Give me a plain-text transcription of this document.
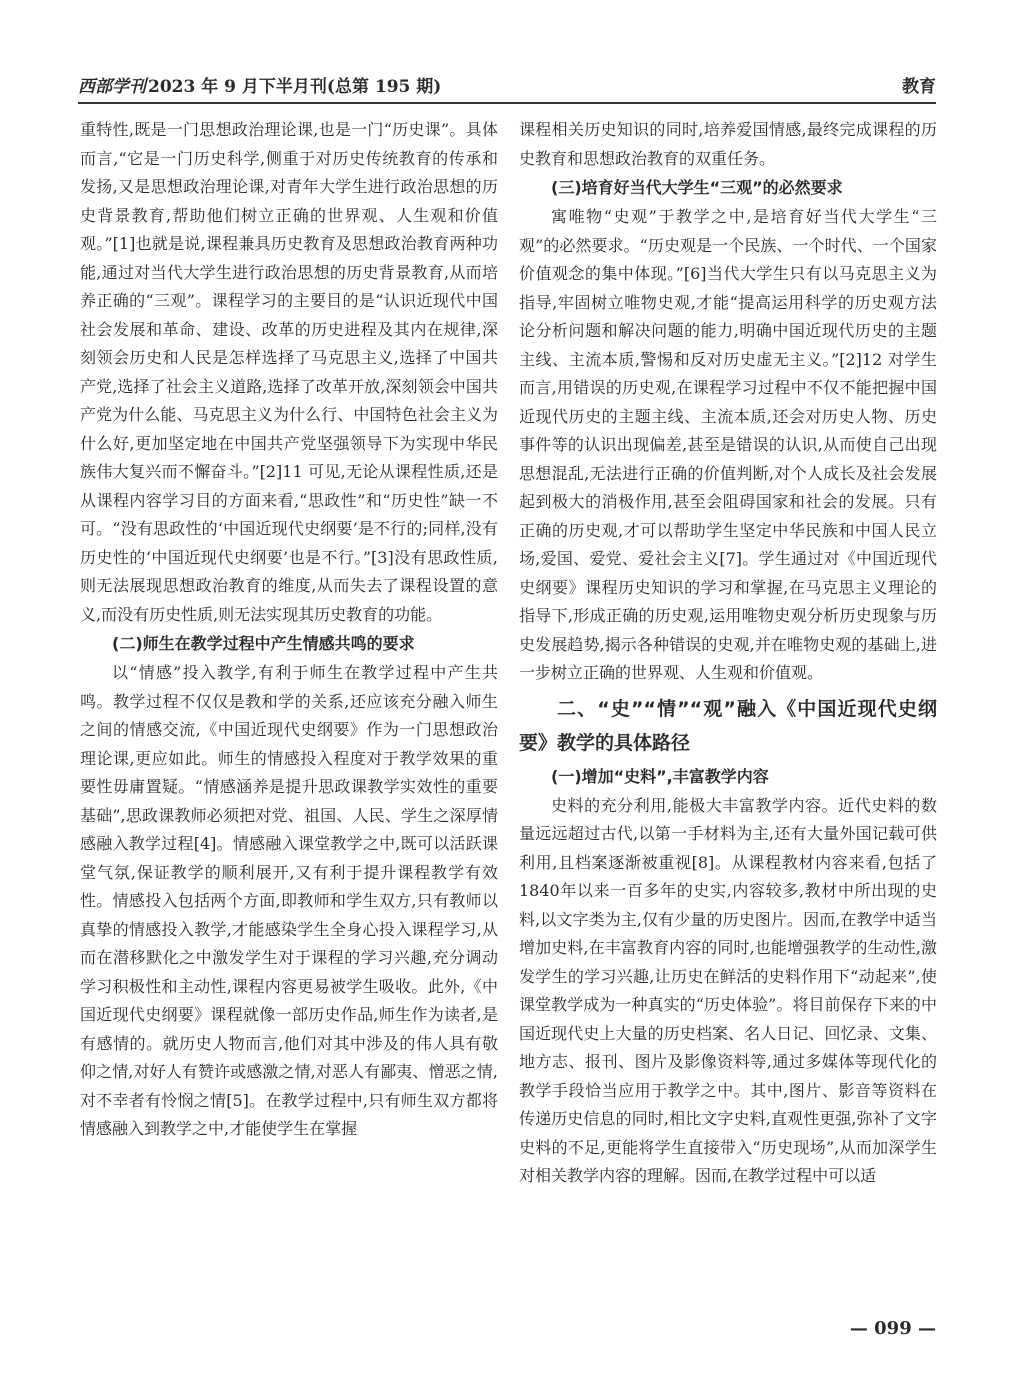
西部学刊 2023 年 9 月下半月刊(总第 195 期)	教育

重特性,既是一门思想政治理论课,也是一门“历史课”。具体而言,“它是一门历史科学,侧重于对历史传统教育的传承和发扬,又是思想政治理论课,对青年大学生进行政治思想的历史背景教育,帮助他们树立正确的世界观、人生观和价值观。”[1]也就是说,课程兼具历史教育及思想政治教育两种功能,通过对当代大学生进行政治思想的历史背景教育,从而培养正确的“三观”。课程学习的主要目的是“认识近现代中国社会发展和革命、建设、改革的历史进程及其内在规律,深刻领会历史和人民是怎样选择了马克思主义,选择了中国共产党,选择了社会主义道路,选择了改革开放,深刻领会中国共产党为什么能、马克思主义为什么行、中国特色社会主义为什么好,更加坚定地在中国共产党坚强领导下为实现中华民族伟大复兴而不懈奋斗。”[2]11 可见,无论从课程性质,还是从课程内容学习目的方面来看,“思政性”和“历史性”缺一不可。“没有思政性的‘中国近现代史纲要’是不行的;同样,没有历史性的‘中国近现代史纲要’也是不行。”[3]没有思政性质,则无法展现思想政治教育的维度,从而失去了课程设置的意义,而没有历史性质,则无法实现其历史教育的功能。

(二)师生在教学过程中产生情感共鸣的要求

以“情感”投入教学,有利于师生在教学过程中产生共鸣。教学过程不仅仅是教和学的关系,还应该充分融入师生之间的情感交流,《中国近现代史纲要》作为一门思想政治理论课,更应如此。师生的情感投入程度对于教学效果的重要性毋庸置疑。“情感涵养是提升思政课教学实效性的重要基础”,思政课教师必须把对党、祖国、人民、学生之深厚情感融入教学过程[4]。情感融入课堂教学之中,既可以活跃课堂气氛,保证教学的顺利展开,又有利于提升课程教学有效性。情感投入包括两个方面,即教师和学生双方,只有教师以真挚的情感投入教学,才能感染学生全身心投入课程学习,从而在潜移默化之中激发学生对于课程的学习兴趣,充分调动学习积极性和主动性,课程内容更易被学生吸收。此外,《中国近现代史纲要》课程就像一部历史作品,师生作为读者,是有感情的。就历史人物而言,他们对其中涉及的伟人具有敬仰之情,对好人有赞许或感激之情,对恶人有鄙夷、憎恶之情,对不幸者有怜悯之情[5]。在教学过程中,只有师生双方都将情感融入到教学之中,才能使学生在掌握

课程相关历史知识的同时,培养爱国情感,最终完成课程的历史教育和思想政治教育的双重任务。

(三)培育好当代大学生“三观”的必然要求

寓唯物“史观”于教学之中,是培育好当代大学生“三观”的必然要求。“历史观是一个民族、一个时代、一个国家价值观念的集中体现。”[6]当代大学生只有以马克思主义为指导,牢固树立唯物史观,才能“提高运用科学的历史观方法论分析问题和解决问题的能力,明确中国近现代历史的主题主线、主流本质,警惕和反对历史虚无主义。”[2]12 对学生而言,用错误的历史观,在课程学习过程中不仅不能把握中国近现代历史的主题主线、主流本质,还会对历史人物、历史事件等的认识出现偏差,甚至是错误的认识,从而使自己出现思想混乱,无法进行正确的价值判断,对个人成长及社会发展起到极大的消极作用,甚至会阻碍国家和社会的发展。只有正确的历史观,才可以帮助学生坚定中华民族和中国人民立场,爱国、爱党、爱社会主义[7]。学生通过对《中国近现代史纲要》课程历史知识的学习和掌握,在马克思主义理论的指导下,形成正确的历史观,运用唯物史观分析历史现象与历史发展趋势,揭示各种错误的史观,并在唯物史观的基础上,进一步树立正确的世界观、人生观和价值观。

二、“史”“情”“观”融入《中国近现代史纲要》教学的具体路径
(一)增加“史料”,丰富教学内容

史料的充分利用,能极大丰富教学内容。近代史料的数量远远超过古代,以第一手材料为主,还有大量外国记载可供利用,且档案逐渐被重视[8]。从课程教材内容来看,包括了1840年以来一百多年的史实,内容较多,教材中所出现的史料,以文字类为主,仅有少量的历史图片。因而,在教学中适当增加史料,在丰富教育内容的同时,也能增强教学的生动性,激发学生的学习兴趣,让历史在鲜活的史料作用下“动起来”,使课堂教学成为一种真实的“历史体验”。将目前保存下来的中国近现代史上大量的历史档案、名人日记、回忆录、文集、地方志、报刊、图片及影像资料等,通过多媒体等现代化的教学手段恰当应用于教学之中。其中,图片、影音等资料在传递历史信息的同时,相比文字史料,直观性更强,弥补了文字史料的不足,更能将学生直接带入“历史现场”,从而加深学生对相关教学内容的理解。因而,在教学过程中可以适

— 099 —
